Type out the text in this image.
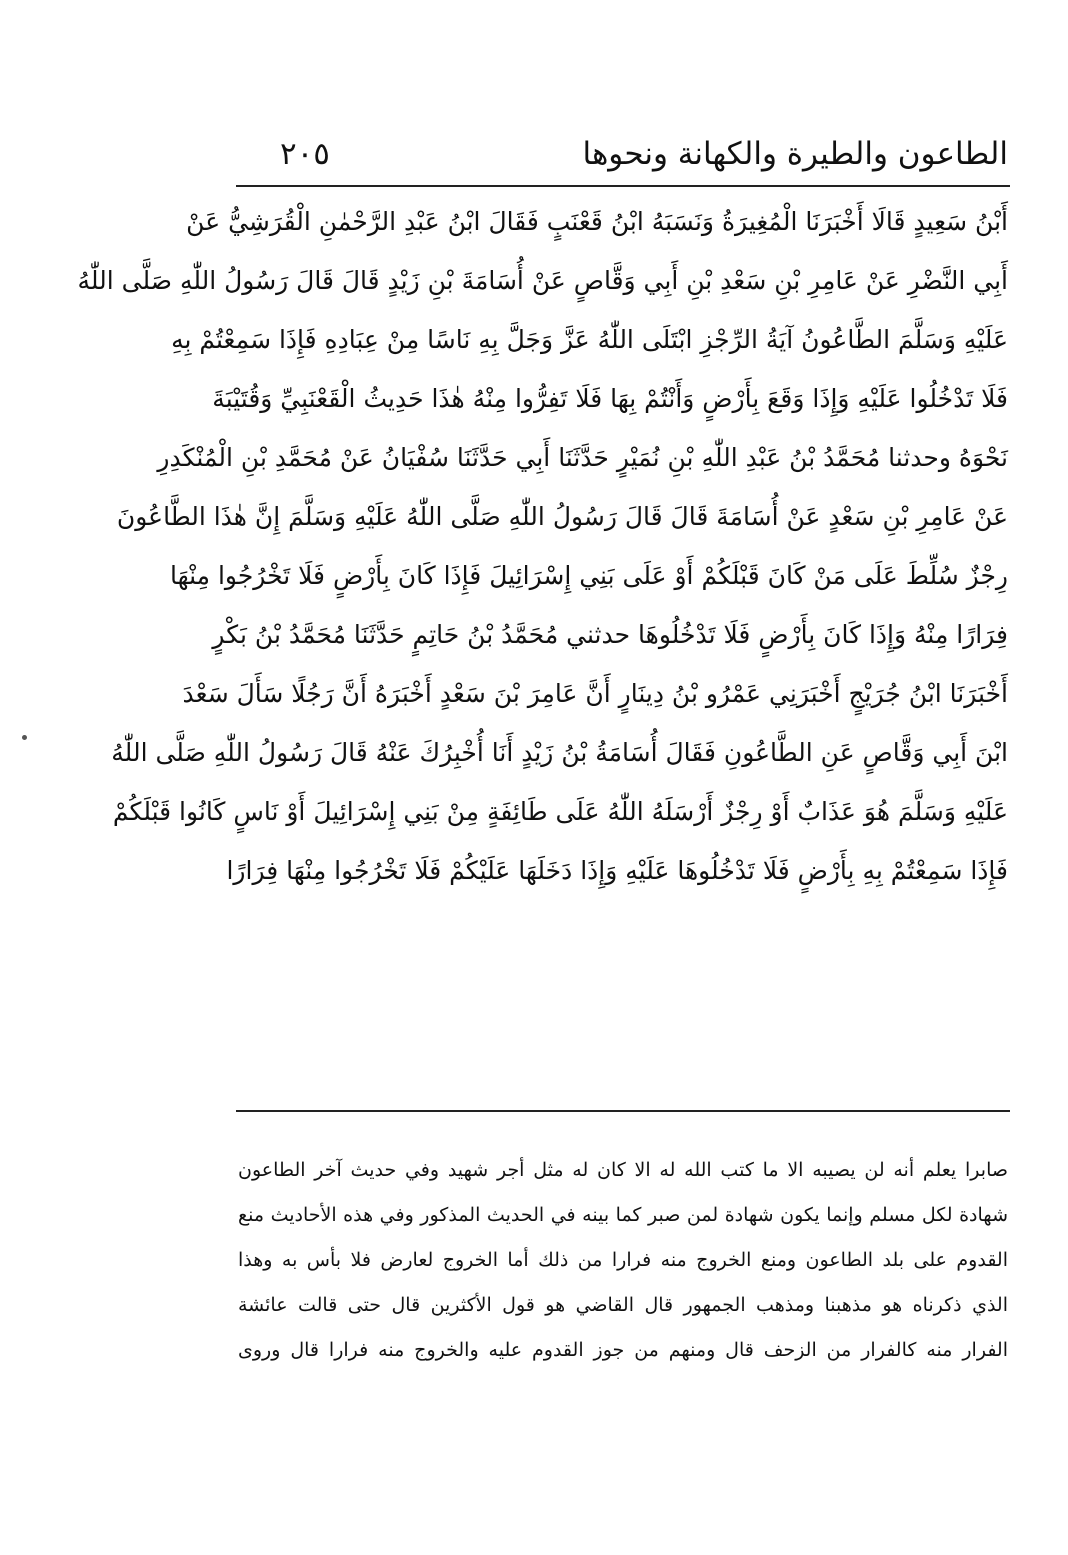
الطاعون والطيرة والكهانة ونحوها
٢٠٥
أَبْنُ سَعِيدٍ قَالَا أَخْبَرَنَا الْمُغِيرَةُ وَنَسَبَهُ ابْنُ قَعْنَبٍ فَقَالَ ابْنُ عَبْدِ الرَّحْمٰنِ الْقُرَشِيُّ عَنْ
أَبِي النَّضْرِ عَنْ عَامِرِ بْنِ سَعْدِ بْنِ أَبِي وَقَّاصٍ عَنْ أُسَامَةَ بْنِ زَيْدٍ قَالَ قَالَ رَسُولُ اللّٰهِ صَلَّى اللّٰهُ
عَلَيْهِ وَسَلَّمَ الطَّاعُونُ آيَةُ الرِّجْزِ ابْتَلَى اللّٰهُ عَزَّ وَجَلَّ بِهِ نَاسًا مِنْ عِبَادِهِ فَإِذَا سَمِعْتُمْ بِهِ
فَلَا تَدْخُلُوا عَلَيْهِ وَإِذَا وَقَعَ بِأَرْضٍ وَأَنْتُمْ بِهَا فَلَا تَفِرُّوا مِنْهُ هٰذَا حَدِيثُ الْقَعْنَبِيِّ وَقُتَيْبَةَ
نَحْوَهُ وحدثنا مُحَمَّدُ بْنُ عَبْدِ اللّٰهِ بْنِ نُمَيْرٍ حَدَّثَنَا أَبِي حَدَّثَنَا سُفْيَانُ عَنْ مُحَمَّدِ بْنِ الْمُنْكَدِرِ
عَنْ عَامِرِ بْنِ سَعْدٍ عَنْ أُسَامَةَ قَالَ قَالَ رَسُولُ اللّٰهِ صَلَّى اللّٰهُ عَلَيْهِ وَسَلَّمَ إِنَّ هٰذَا الطَّاعُونَ
رِجْزٌ سُلِّطَ عَلَى مَنْ كَانَ قَبْلَكُمْ أَوْ عَلَى بَنِي إِسْرَائِيلَ فَإِذَا كَانَ بِأَرْضٍ فَلَا تَخْرُجُوا مِنْهَا
فِرَارًا مِنْهُ وَإِذَا كَانَ بِأَرْضٍ فَلَا تَدْخُلُوهَا حدثني مُحَمَّدُ بْنُ حَاتِمٍ حَدَّثَنَا مُحَمَّدُ بْنُ بَكْرٍ
أَخْبَرَنَا ابْنُ جُرَيْجٍ أَخْبَرَنِي عَمْرُو بْنُ دِينَارٍ أَنَّ عَامِرَ بْنَ سَعْدٍ أَخْبَرَهُ أَنَّ رَجُلًا سَأَلَ سَعْدَ
ابْنَ أَبِي وَقَّاصٍ عَنِ الطَّاعُونِ فَقَالَ أُسَامَةُ بْنُ زَيْدٍ أَنَا أُخْبِرُكَ عَنْهُ قَالَ رَسُولُ اللّٰهِ صَلَّى اللّٰهُ
عَلَيْهِ وَسَلَّمَ هُوَ عَذَابٌ أَوْ رِجْزٌ أَرْسَلَهُ اللّٰهُ عَلَى طَائِفَةٍ مِنْ بَنِي إِسْرَائِيلَ أَوْ نَاسٍ كَانُوا قَبْلَكُمْ
فَإِذَا سَمِعْتُمْ بِهِ بِأَرْضٍ فَلَا تَدْخُلُوهَا عَلَيْهِ وَإِذَا دَخَلَهَا عَلَيْكُمْ فَلَا تَخْرُجُوا مِنْهَا فِرَارًا
صابرا يعلم أنه لن يصيبه الا ما كتب الله له الا كان له مثل أجر شهيد وفي حديث آخر الطاعون
شهادة لكل مسلم وإنما يكون شهادة لمن صبر كما بينه في الحديث المذكور وفي هذه الأحاديث منع
القدوم على بلد الطاعون ومنع الخروج منه فرارا من ذلك أما الخروج لعارض فلا بأس به وهذا
الذي ذكرناه هو مذهبنا ومذهب الجمهور قال القاضي هو قول الأكثرين قال حتى قالت عائشة
الفرار منه كالفرار من الزحف قال ومنهم من جوز القدوم عليه والخروج منه فرارا قال وروى
